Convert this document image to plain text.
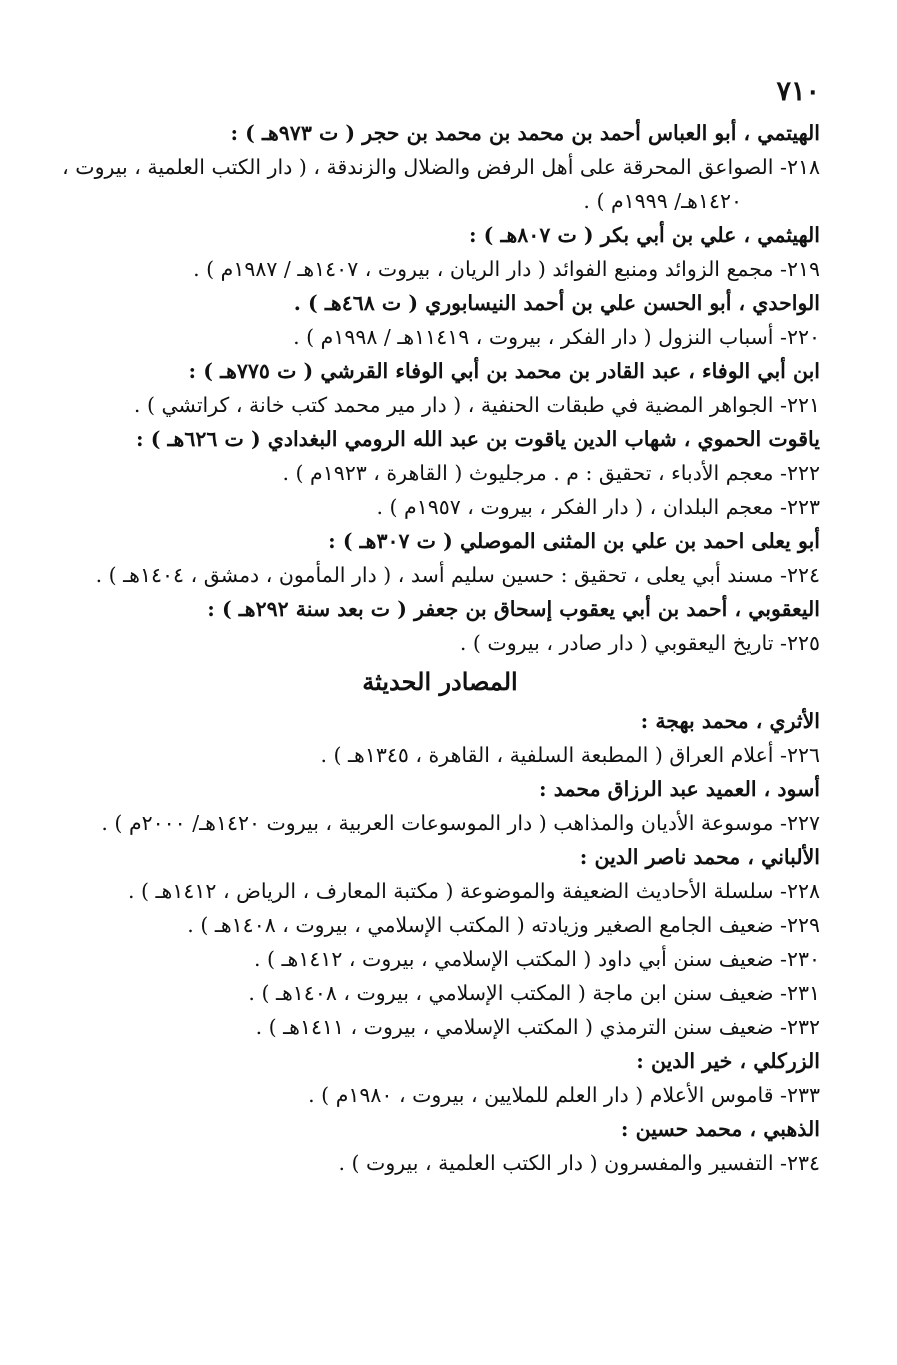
٧١٠
الهيتمي ، أبو العباس أحمد بن محمد بن محمد بن حجر ( ت ٩٧٣هـ ) :
٢١٨- الصواعق المحرقة على أهل الرفض والضلال والزندقة ، ( دار الكتب العلمية ، بيروت ،
١٤٢٠هـ/ ١٩٩٩م ) .
الهيثمي ، علي بن أبي بكر ( ت ٨٠٧هـ ) :
٢١٩- مجمع الزوائد ومنبع الفوائد ( دار الريان ، بيروت ، ١٤٠٧هـ / ١٩٨٧م ) .
الواحدي ، أبو الحسن علي بن أحمد النيسابوري ( ت ٤٦٨هـ ) .
٢٢٠- أسباب النزول ( دار الفكر ، بيروت ، ١١٤١٩هـ / ١٩٩٨م ) .
ابن أبي الوفاء ، عبد القادر بن محمد بن أبي الوفاء القرشي ( ت ٧٧٥هـ ) :
٢٢١- الجواهر المضية في طبقات الحنفية ، ( دار مير محمد كتب خانة ، كراتشي ) .
ياقوت الحموي ، شهاب الدين ياقوت بن عبد الله الرومي البغدادي ( ت ٦٢٦هـ ) :
٢٢٢- معجم الأدباء ، تحقيق : م . مرجليوث ( القاهرة ، ١٩٢٣م ) .
٢٢٣- معجم البلدان ، ( دار الفكر ، بيروت ، ١٩٥٧م ) .
أبو يعلى احمد بن علي بن المثنى الموصلي ( ت ٣٠٧هـ ) :
٢٢٤- مسند أبي يعلى ، تحقيق : حسين سليم أسد ، ( دار المأمون ، دمشق ، ١٤٠٤هـ ) .
اليعقوبي ، أحمد بن أبي يعقوب إسحاق بن جعفر ( ت بعد سنة ٢٩٢هـ ) :
٢٢٥- تاريخ اليعقوبي ( دار صادر ، بيروت ) .
المصادر الحديثة
الأثري ، محمد بهجة :
٢٢٦- أعلام العراق ( المطبعة السلفية ، القاهرة ، ١٣٤٥هـ ) .
أسود ، العميد عبد الرزاق محمد :
٢٢٧- موسوعة الأديان والمذاهب ( دار الموسوعات العربية ، بيروت ١٤٢٠هـ/ ٢٠٠٠م ) .
الألباني ، محمد ناصر الدين :
٢٢٨- سلسلة الأحاديث الضعيفة والموضوعة ( مكتبة المعارف ، الرياض ، ١٤١٢هـ ) .
٢٢٩- ضعيف الجامع الصغير وزيادته ( المكتب الإسلامي ، بيروت ، ١٤٠٨هـ ) .
٢٣٠- ضعيف سنن أبي داود ( المكتب الإسلامي ، بيروت ، ١٤١٢هـ ) .
٢٣١- ضعيف سنن ابن ماجة ( المكتب الإسلامي ، بيروت ، ١٤٠٨هـ ) .
٢٣٢- ضعيف سنن الترمذي ( المكتب الإسلامي ، بيروت ، ١٤١١هـ ) .
الزركلي ، خير الدين :
٢٣٣- قاموس الأعلام ( دار العلم للملايين ، بيروت ، ١٩٨٠م ) .
الذهبي ، محمد حسين :
٢٣٤- التفسير والمفسرون ( دار الكتب العلمية ، بيروت ) .
